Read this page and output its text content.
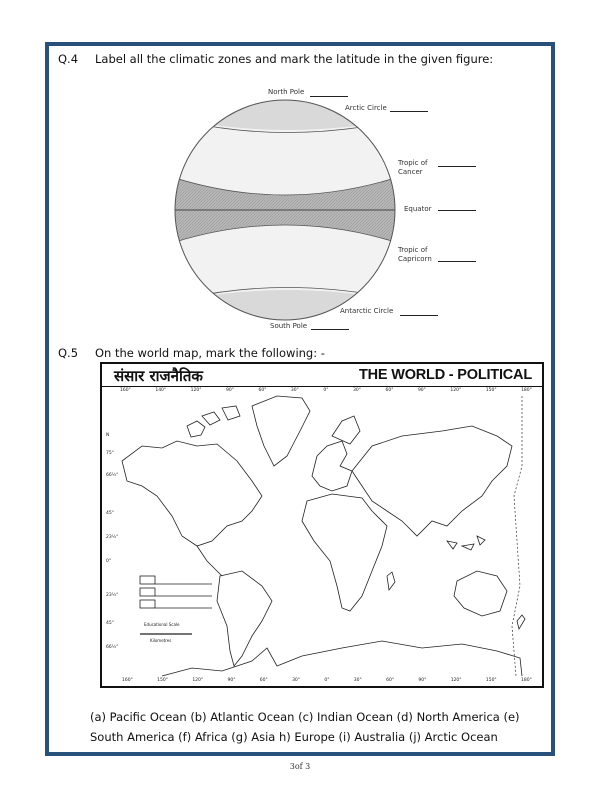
Q.4 Label all the climatic zones and mark the latitude in the given figure:
North Pole
Arctic Circle
Tropic of
Cancer
Equator
Tropic of
Capricorn
Antarctic Circle
South Pole
Q.5 On the world map, mark the following: -
संसार राजनैतिक	THE WORLD - POLITICAL
N
75°
66½°
45°
23½°
0°
23½°
45°
66½°
Educational Scale
Kilometres
160°	140°	120°	90°	60°	30°	0°	30°	60°	90°	120°	150°	180°
160°	150°	120°	90°	60°	30°	0°	30°	60°	90°	120°	150°	180°
(a) Pacific Ocean (b) Atlantic Ocean (c) Indian Ocean (d) North America (e) South America (f) Africa (g) Asia h) Europe (i) Australia (j) Arctic Ocean
3of 3
